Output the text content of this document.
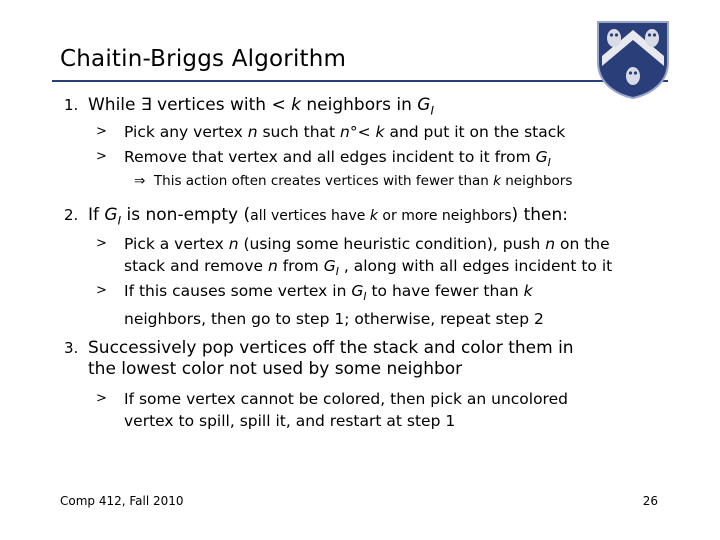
Chaitin-Briggs Algorithm
1. While ∃ vertices with < k neighbors in $G_I$
> Pick any vertex n such that n°< k and put it on the stack
> Remove that vertex and all edges incident to it from $G_I$
⇒ This action often creates vertices with fewer than k neighbors
2. If $G_I$ is non-empty (all vertices have k or more neighbors) then:
> Pick a vertex n (using some heuristic condition), push n on the
stack and remove n from $G_I$ , along with all edges incident to it
> If this causes some vertex in $G_I$ to have fewer than k
neighbors, then go to step 1; otherwise, repeat step 2
3. Successively pop vertices off the stack and color them in
the lowest color not used by some neighbor
> If some vertex cannot be colored, then pick an uncolored
vertex to spill, spill it, and restart at step 1
Comp 412, Fall 2010	26
